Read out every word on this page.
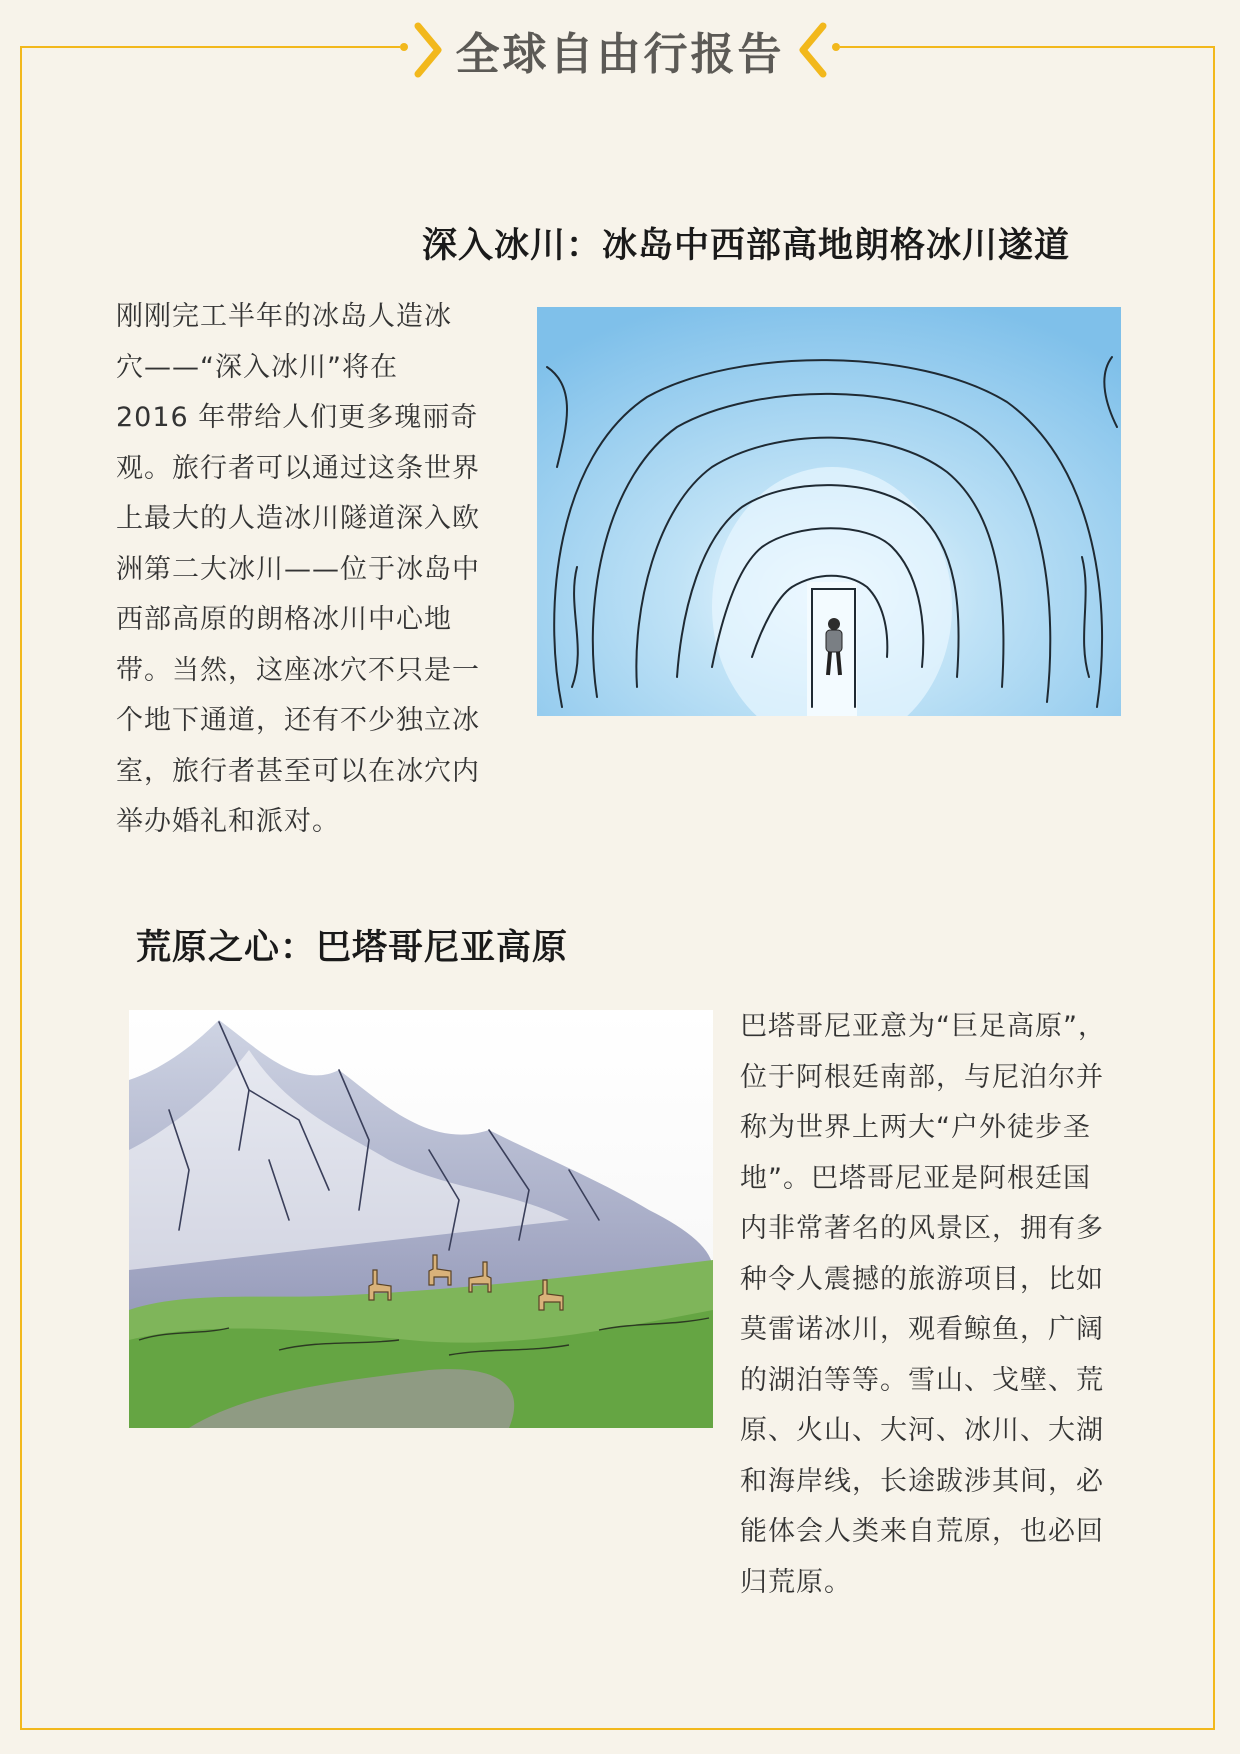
全球自由行报告
深入冰川：冰岛中西部高地朗格冰川遂道
刚刚完工半年的冰岛人造冰
穴——“深入冰川”将在
2016 年带给人们更多瑰丽奇
观。旅行者可以通过这条世界
上最大的人造冰川隧道深入欧
洲第二大冰川——位于冰岛中
西部高原的朗格冰川中心地
带。当然，这座冰穴不只是一
个地下通道，还有不少独立冰
室，旅行者甚至可以在冰穴内
举办婚礼和派对。
荒原之心：巴塔哥尼亚高原
巴塔哥尼亚意为“巨足高原”，
位于阿根廷南部，与尼泊尔并
称为世界上两大“户外徒步圣
地”。巴塔哥尼亚是阿根廷国
内非常著名的风景区，拥有多
种令人震撼的旅游项目，比如
莫雷诺冰川，观看鲸鱼，广阔
的湖泊等等。雪山、戈壁、荒
原、火山、大河、冰川、大湖
和海岸线，长途跋涉其间，必
能体会人类来自荒原，也必回
归荒原。
